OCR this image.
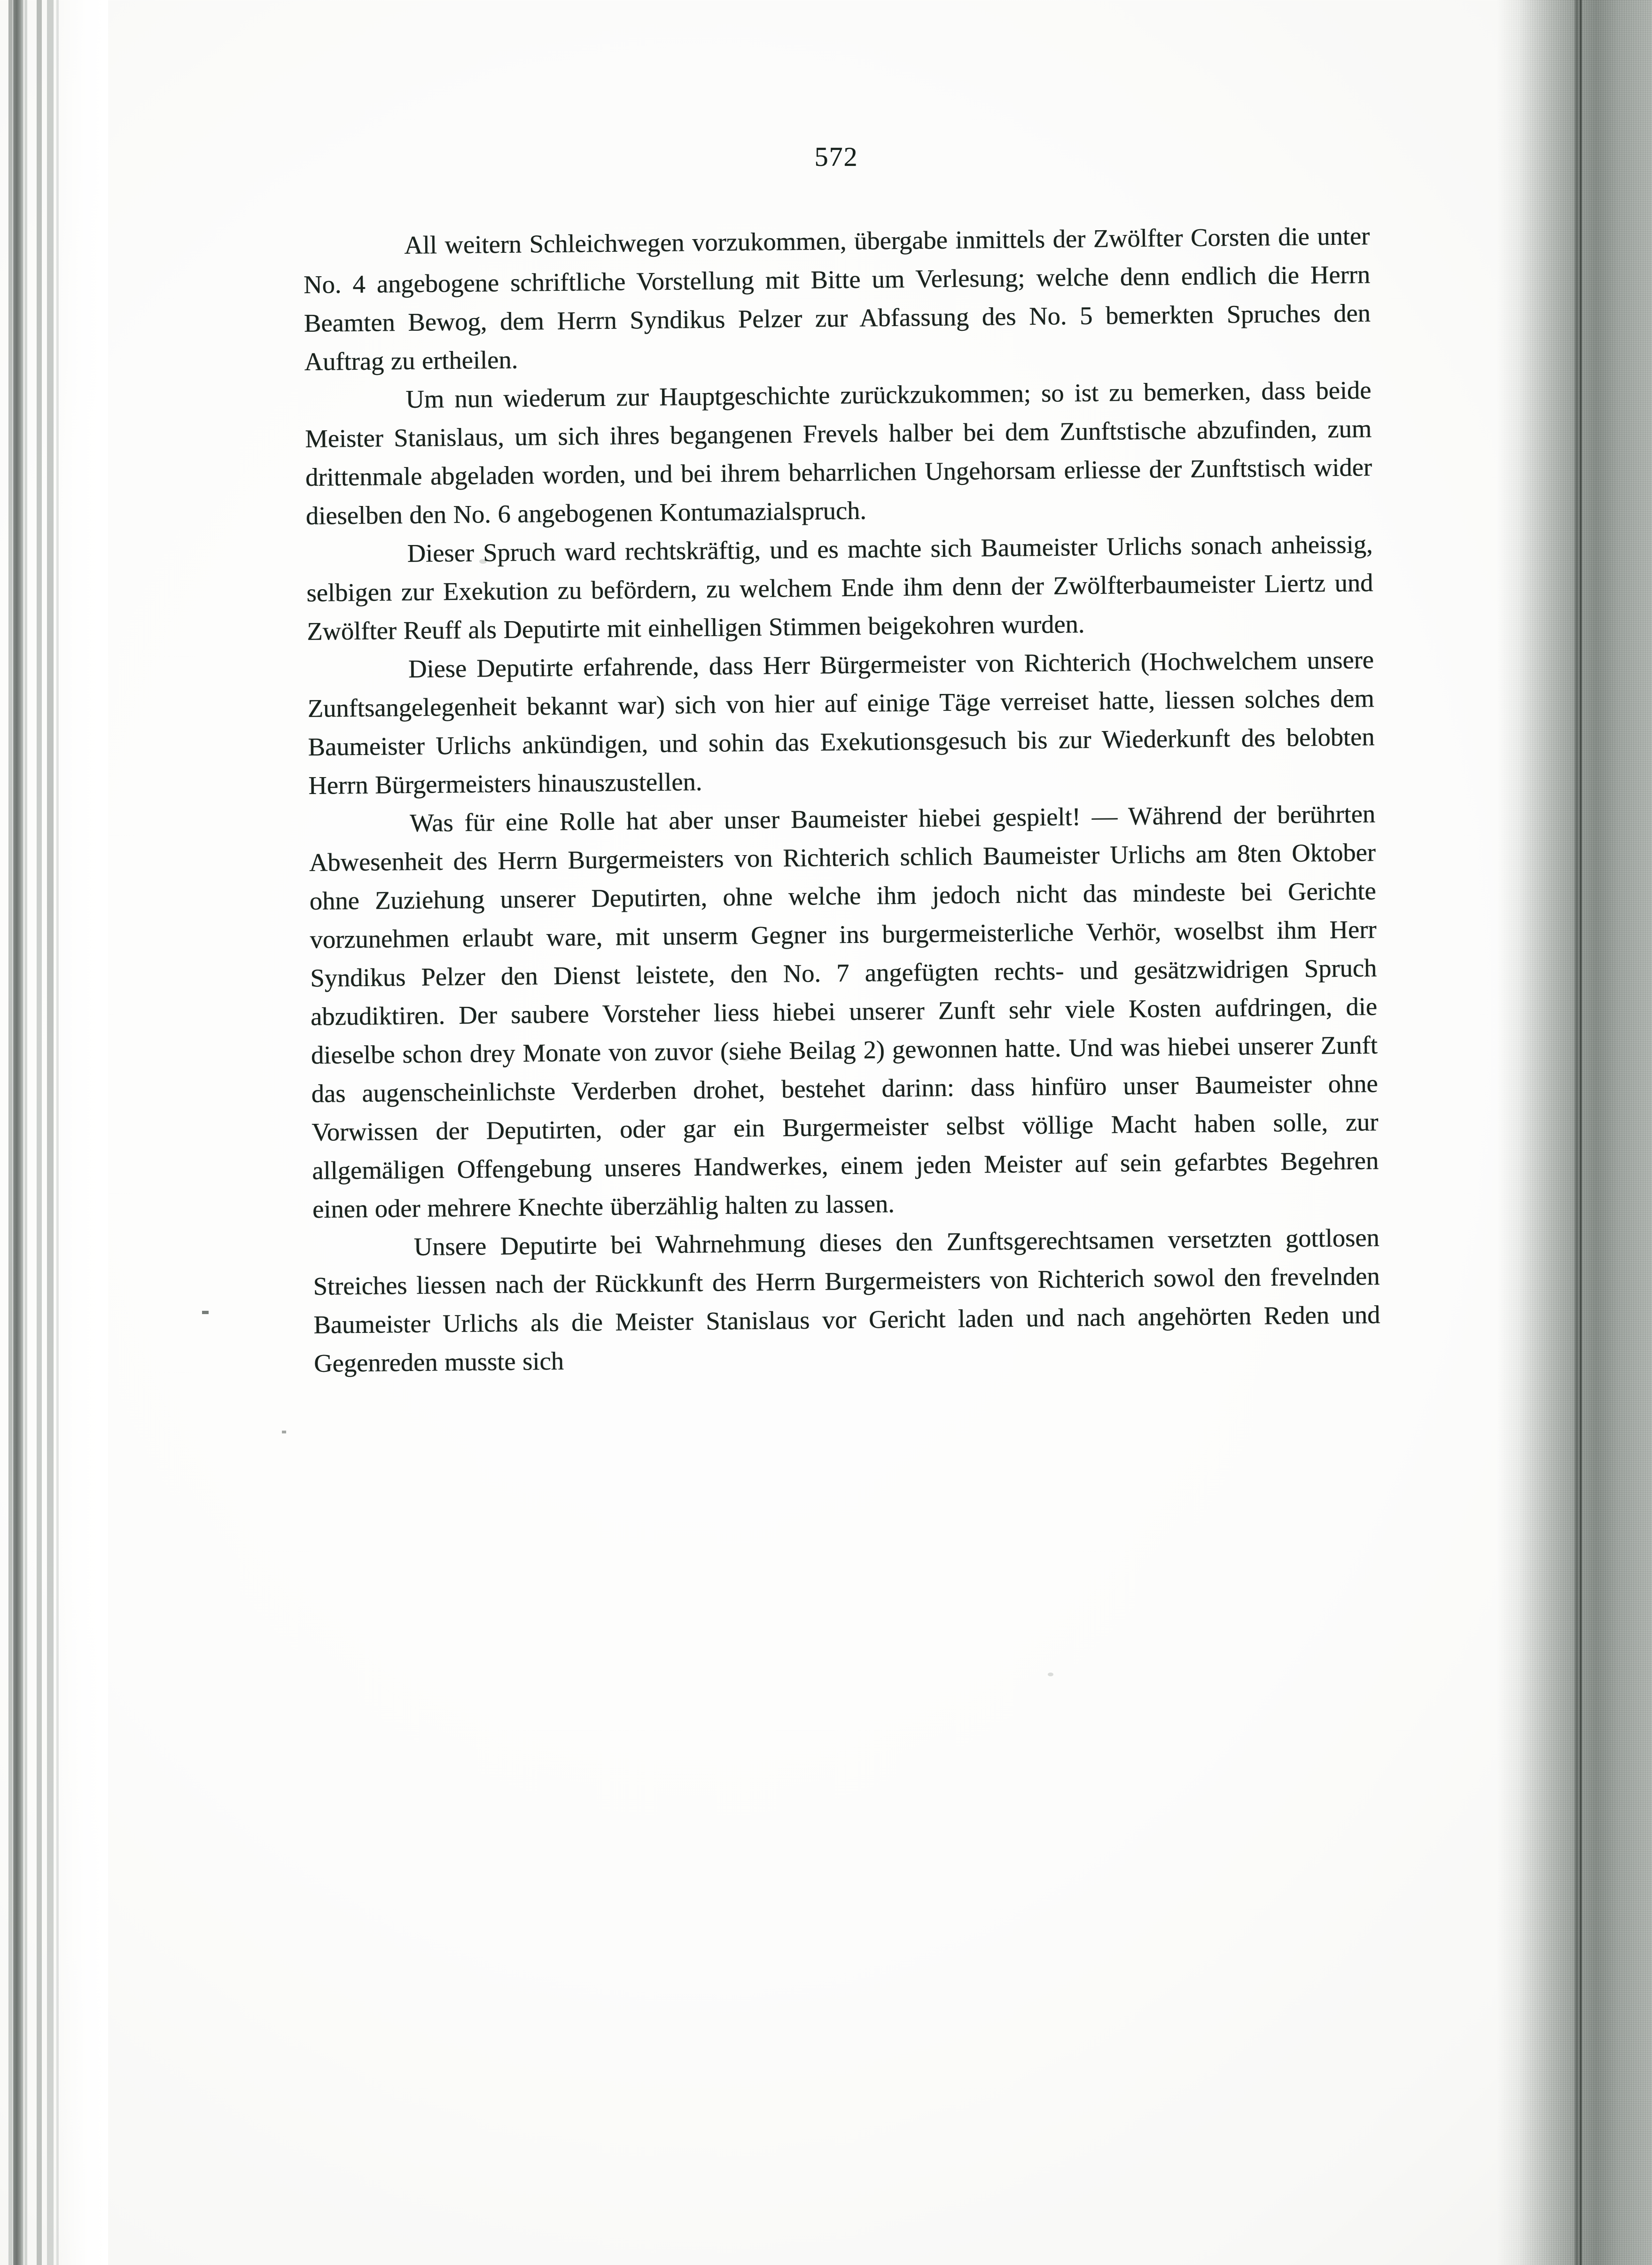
572

All weitern Schleichwegen vorzukommen, übergabe inmittels der Zwölfter Corsten die unter No. 4 angebogene schriftliche Vorstellung mit Bitte um Verlesung; welche denn endlich die Herrn Beamten Bewog, dem Herrn Syndikus Pelzer zur Abfassung des No. 5 bemerkten Spruches den Auftrag zu ertheilen.

Um nun wiederum zur Hauptgeschichte zurückzukommen; so ist zu bemerken, dass beide Meister Stanislaus, um sich ihres begangenen Frevels halber bei dem Zunftstische abzufinden, zum drittenmale abgeladen worden, und bei ihrem beharrlichen Ungehorsam erliesse der Zunftstisch wider dieselben den No. 6 angebogenen Kontumazialspruch.

Dieser Spruch ward rechtskräftig, und es machte sich Baumeister Urlichs sonach anheissig, selbigen zur Exekution zu befördern, zu welchem Ende ihm denn der Zwölfterbaumeister Liertz und Zwölfter Reuff als Deputirte mit einhelligen Stimmen beigekohren wurden.

Diese Deputirte erfahrende, dass Herr Bürgermeister von Richterich (Hochwelchem unsere Zunftsangelegenheit bekannt war) sich von hier auf einige Täge verreiset hatte, liessen solches dem Baumeister Urlichs ankündigen, und sohin das Exekutionsgesuch bis zur Wiederkunft des belobten Herrn Bürgermeisters hinauszustellen.

Was für eine Rolle hat aber unser Baumeister hiebei gespielt! — Während der berührten Abwesenheit des Herrn Burgermeisters von Richterich schlich Baumeister Urlichs am 8ten Oktober ohne Zuziehung unserer Deputirten, ohne welche ihm jedoch nicht das mindeste bei Gerichte vorzunehmen erlaubt ware, mit unserm Gegner ins burgermeisterliche Verhör, woselbst ihm Herr Syndikus Pelzer den Dienst leistete, den No. 7 angefügten rechts- und gesätzwidrigen Spruch abzudiktiren. Der saubere Vorsteher liess hiebei unserer Zunft sehr viele Kosten aufdringen, die dieselbe schon drey Monate von zuvor (siehe Beilag 2) gewonnen hatte. Und was hiebei unserer Zunft das augenscheinlichste Verderben drohet, bestehet darinn: dass hinfüro unser Baumeister ohne Vorwissen der Deputirten, oder gar ein Burgermeister selbst völlige Macht haben solle, zur allgemäligen Offengebung unseres Handwerkes, einem jeden Meister auf sein gefarbtes Begehren einen oder mehrere Knechte überzählig halten zu lassen.

Unsere Deputirte bei Wahrnehmung dieses den Zunftsgerechtsamen versetzten gottlosen Streiches liessen nach der Rückkunft des Herrn Burgermeisters von Richterich sowol den frevelnden Baumeister Urlichs als die Meister Stanislaus vor Gericht laden und nach angehörten Reden und Gegenreden musste sich
